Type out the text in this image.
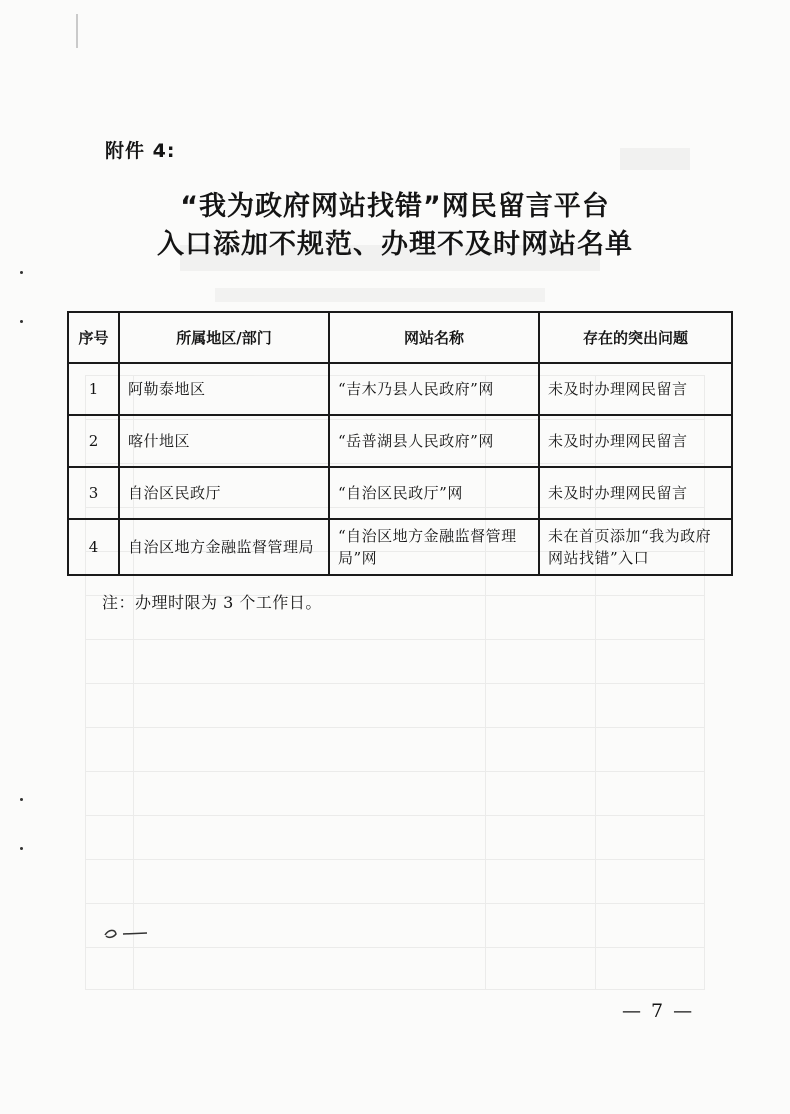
附件 4:
“我为政府网站找错”网民留言平台
入口添加不规范、办理不及时网站名单
序号	所属地区/部门	网站名称	存在的突出问题
1	阿勒泰地区	“吉木乃县人民政府”网	未及时办理网民留言
2	喀什地区	“岳普湖县人民政府”网	未及时办理网民留言
3	自治区民政厅	“自治区民政厅”网	未及时办理网民留言
4	自治区地方金融监督管理局	“自治区地方金融监督管理局”网	未在首页添加“我为政府网站找错”入口
注：办理时限为 3 个工作日。
— 7 —
